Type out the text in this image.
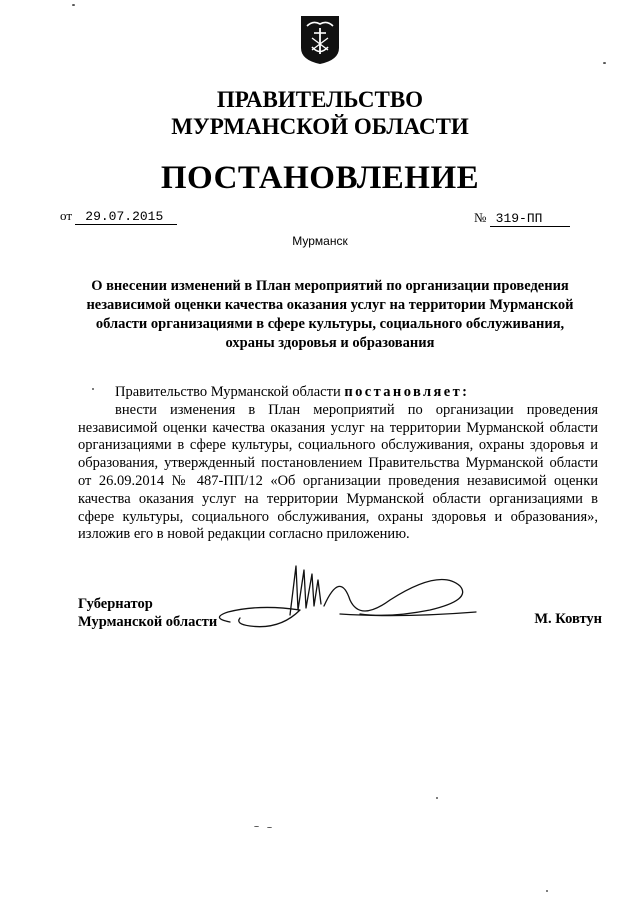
ПРАВИТЕЛЬСТВО
МУРМАНСКОЙ ОБЛАСТИ
ПОСТАНОВЛЕНИЕ
от 29.07.2015	№ 319-ПП
Мурманск
О внесении изменений в План мероприятий по организации проведения
независимой оценки качества оказания услуг на территории Мурманской
области организациями в сфере культуры, социального обслуживания,
охраны здоровья и образования

Правительство Мурманской области постановляет:

внести изменения в План мероприятий по организации проведения независимой оценки качества оказания услуг на территории Мурманской области организациями в сфере культуры, социального обслуживания, охраны здоровья и образования, утвержденный постановлением Правительства Мурманской области от 26.09.2014 № 487-ПП/12 «Об организации проведения независимой оценки качества оказания услуг на территории Мурманской области организациями в сфере культуры, социального обслуживания, охраны здоровья и образования», изложив его в новой редакции согласно приложению.

Губернатор
Мурманской области	М. Ковтун
